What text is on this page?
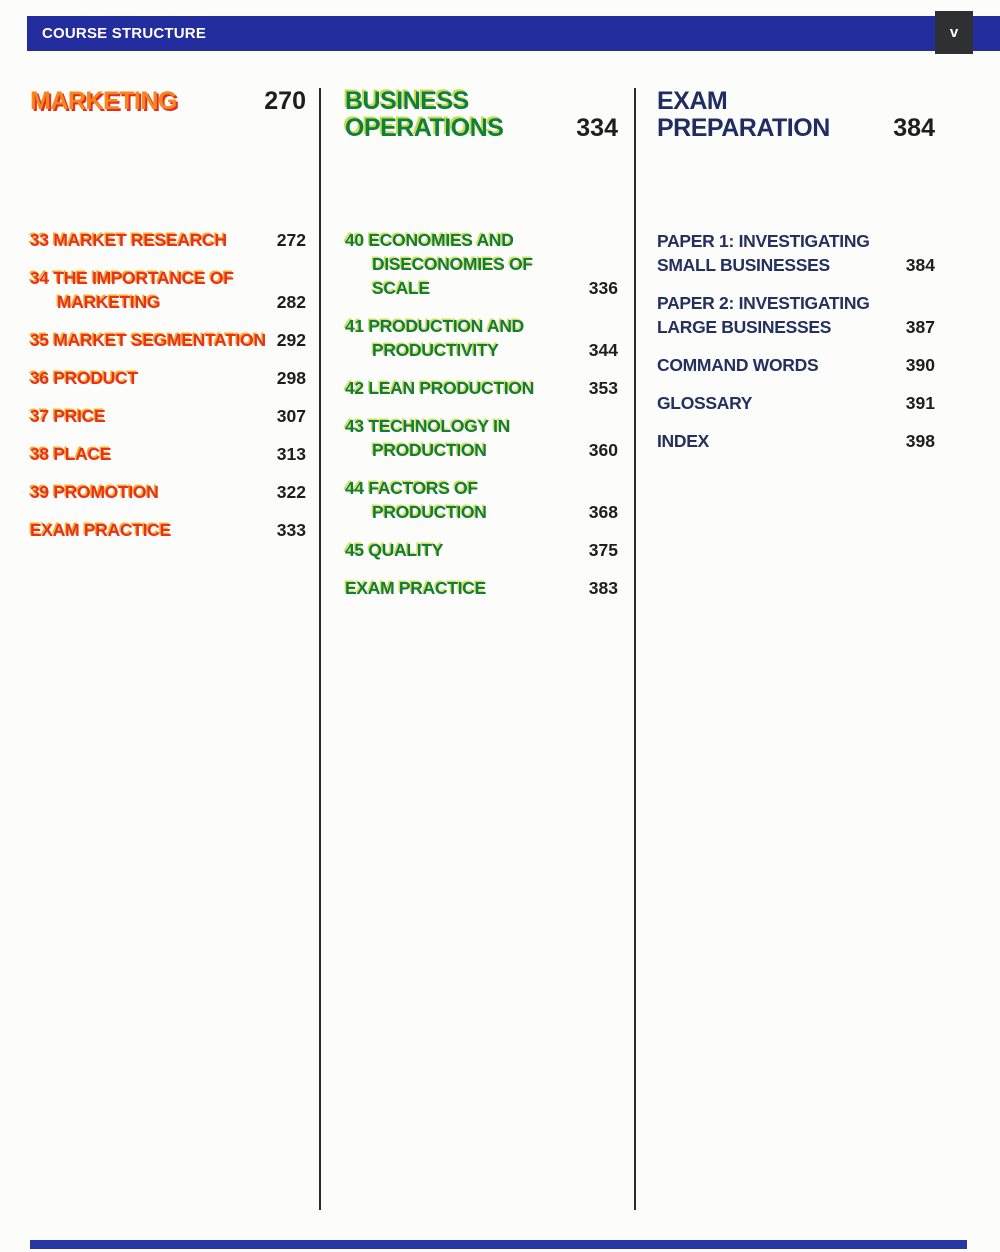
COURSE STRUCTURE	v
MARKETING	270
33 MARKET RESEARCH	272
34 THE IMPORTANCE OF
MARKETING	282
35 MARKET SEGMENTATION 292
36 PRODUCT	298
37 PRICE	307
38 PLACE	313
39 PROMOTION	322
EXAM PRACTICE	333
BUSINESS
OPERATIONS	334
40 ECONOMIES AND
DISECONOMIES OF
SCALE	336
41 PRODUCTION AND
PRODUCTIVITY	344
42 LEAN PRODUCTION	353
43 TECHNOLOGY IN
PRODUCTION	360
44 FACTORS OF
PRODUCTION	368
45 QUALITY	375
EXAM PRACTICE	383
EXAM
PREPARATION	384
PAPER 1: INVESTIGATING
SMALL BUSINESSES	384
PAPER 2: INVESTIGATING
LARGE BUSINESSES	387
COMMAND WORDS	390
GLOSSARY	391
INDEX	398
